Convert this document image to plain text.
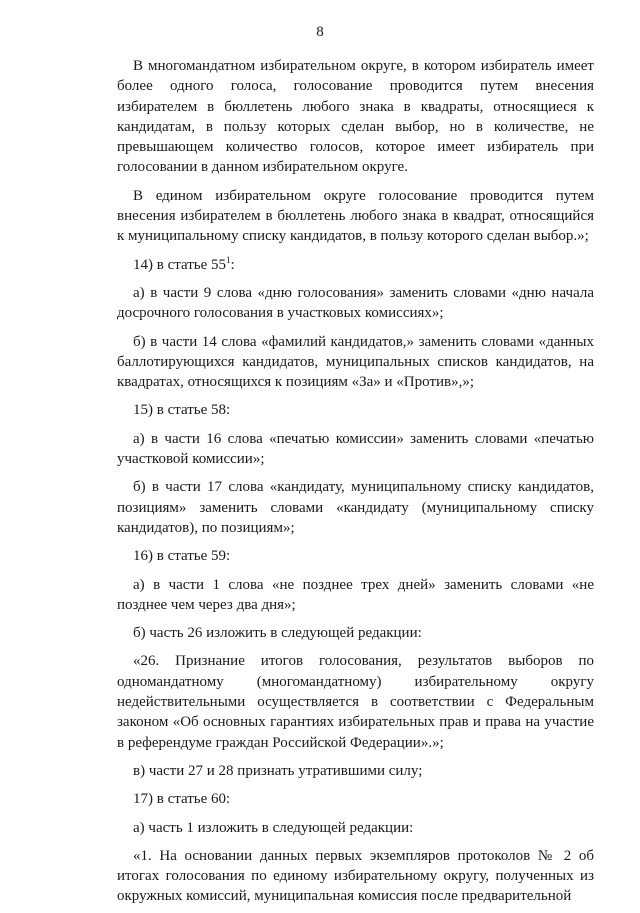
8

В многомандатном избирательном округе, в котором избиратель имеет более одного голоса, голосование проводится путем внесения избирателем в бюллетень любого знака в квадраты, относящиеся к кандидатам, в пользу которых сделан выбор, но в количестве, не превышающем количество голосов, которое имеет избиратель при голосовании в данном избирательном округе.

В едином избирательном округе голосование проводится путем внесения избирателем в бюллетень любого знака в квадрат, относящийся к муниципальному списку кандидатов, в пользу которого сделан выбор.»;

14) в статье $55^1$:

а) в части 9 слова «дню голосования» заменить словами «дню начала досрочного голосования в участковых комиссиях»;

б) в части 14 слова «фамилий кандидатов,» заменить словами «данных баллотирующихся кандидатов, муниципальных списков кандидатов, на квадратах, относящихся к позициям «За» и «Против»,»;

15) в статье 58:

а) в части 16 слова «печатью комиссии» заменить словами «печатью участковой комиссии»;

б) в части 17 слова «кандидату, муниципальному списку кандидатов, позициям» заменить словами «кандидату (муниципальному списку кандидатов), по позициям»;

16) в статье 59:

а) в части 1 слова «не позднее трех дней» заменить словами «не позднее чем через два дня»;

б) часть 26 изложить в следующей редакции:

«26. Признание итогов голосования, результатов выборов по одномандатному (многомандатному) избирательному округу недействительными осуществляется в соответствии с Федеральным законом «Об основных гарантиях избирательных прав и права на участие в референдуме граждан Российской Федерации».»;

в) части 27 и 28 признать утратившими силу;

17) в статье 60:

а) часть 1 изложить в следующей редакции:

«1. На основании данных первых экземпляров протоколов № 2 об итогах голосования по единому избирательному округу, полученных из окружных комиссий, муниципальная комиссия после предварительной
